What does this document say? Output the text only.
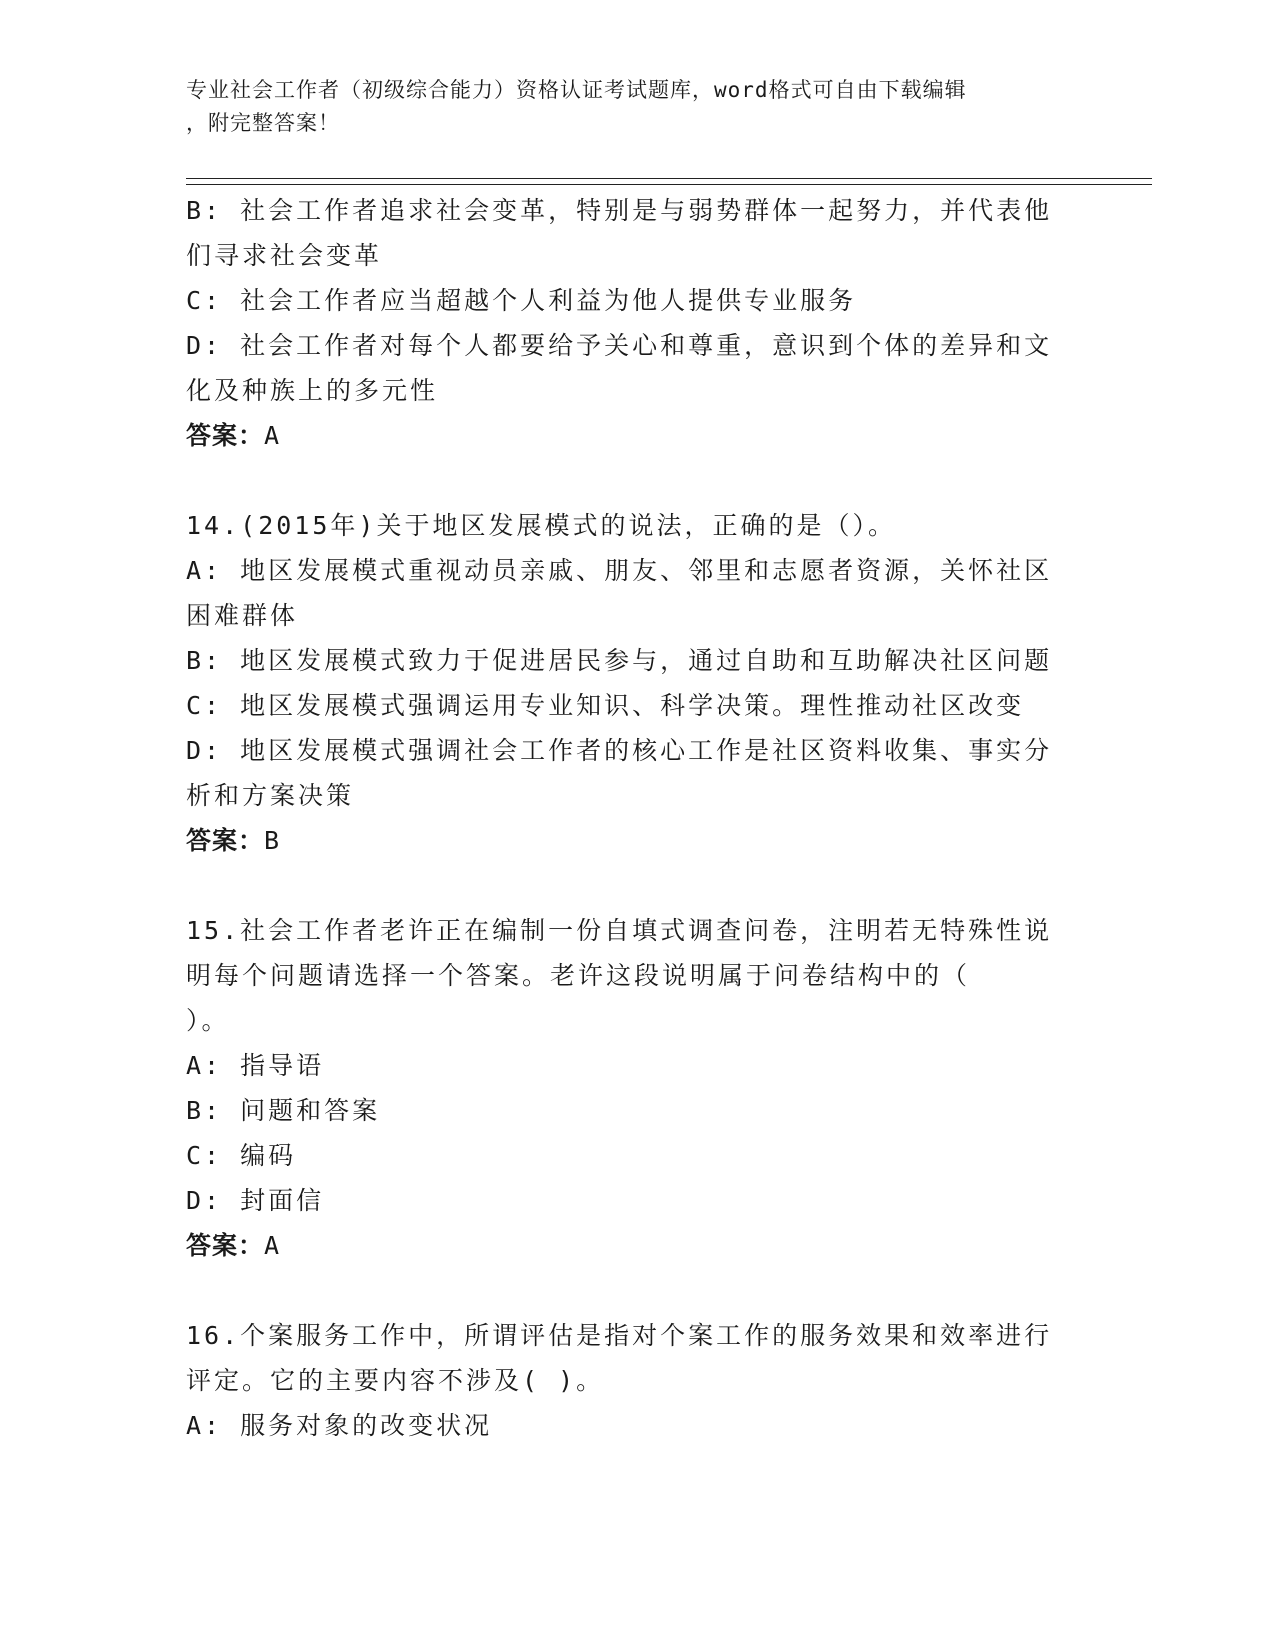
专业社会工作者（初级综合能力）资格认证考试题库，word格式可自由下载编辑
，附完整答案！
B: 社会工作者追求社会变革，特别是与弱势群体一起努力，并代表他
们寻求社会变革
C: 社会工作者应当超越个人利益为他人提供专业服务
D: 社会工作者对每个人都要给予关心和尊重，意识到个体的差异和文
化及种族上的多元性
答案：A
14.(2015年)关于地区发展模式的说法，正确的是（）。
A: 地区发展模式重视动员亲戚、朋友、邻里和志愿者资源，关怀社区
困难群体
B: 地区发展模式致力于促进居民参与，通过自助和互助解决社区问题
C: 地区发展模式强调运用专业知识、科学决策。理性推动社区改变
D: 地区发展模式强调社会工作者的核心工作是社区资料收集、事实分
析和方案决策
答案：B
15.社会工作者老许正在编制一份自填式调查问卷，注明若无特殊性说
明每个问题请选择一个答案。老许这段说明属于问卷结构中的（
）。
A: 指导语
B: 问题和答案
C: 编码
D: 封面信
答案：A
16.个案服务工作中，所谓评估是指对个案工作的服务效果和效率进行
评定。它的主要内容不涉及( )。
A: 服务对象的改变状况
